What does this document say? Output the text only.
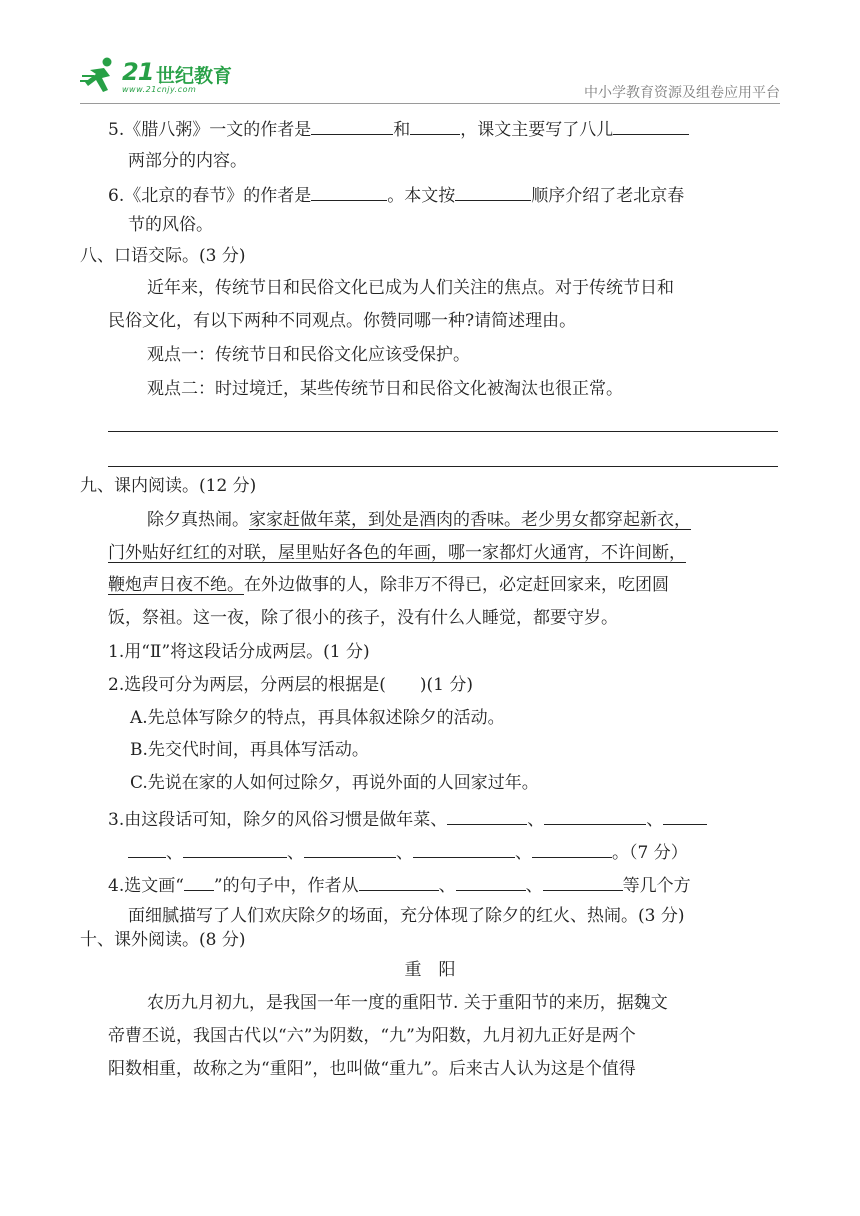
21 世纪教育
www.21cnjy.com	中小学教育资源及组卷应用平台
5.《腊八粥》一文的作者是	和	，课文主要写了八儿
两部分的内容。
6.《北京的春节》的作者是	。本文按	顺序介绍了老北京春
节的风俗。
八、口语交际。(3 分)
近年来，传统节日和民俗文化已成为人们关注的焦点。对于传统节日和
民俗文化，有以下两种不同观点。你赞同哪一种?请简述理由。
观点一：传统节日和民俗文化应该受保护。
观点二：时过境迁，某些传统节日和民俗文化被淘汰也很正常。
九、课内阅读。(12 分)
除夕真热闹。家家赶做年菜，到处是酒肉的香味。老少男女都穿起新衣，
门外贴好红红的对联，屋里贴好各色的年画，哪一家都灯火通宵，不许间断，
鞭炮声日夜不绝。在外边做事的人，除非万不得已，必定赶回家来，吃团圆
饭，祭祖。这一夜，除了很小的孩子，没有什么人睡觉，都要守岁。
1.用“Ⅱ”将这段话分成两层。(1 分)
2.选段可分为两层，分两层的根据是(　　)(1 分)
A.先总体写除夕的特点，再具体叙述除夕的活动。
B.先交代时间，再具体写活动。
C.先说在家的人如何过除夕，再说外面的人回家过年。
3.由这段话可知，除夕的风俗习惯是做年菜、	、	、
、	、	、	、	。（7 分）
4.选文画“ ”的句子中，作者从	、	、	等几个方
面细腻描写了人们欢庆除夕的场面，充分体现了除夕的红火、热闹。(3 分)
十、课外阅读。(8 分)
重　阳
农历九月初九，是我国一年一度的重阳节. 关于重阳节的来历，据魏文
帝曹丕说，我国古代以“六”为阴数，“九”为阳数，九月初九正好是两个
阳数相重，故称之为“重阳”，也叫做“重九”。后来古人认为这是个值得
